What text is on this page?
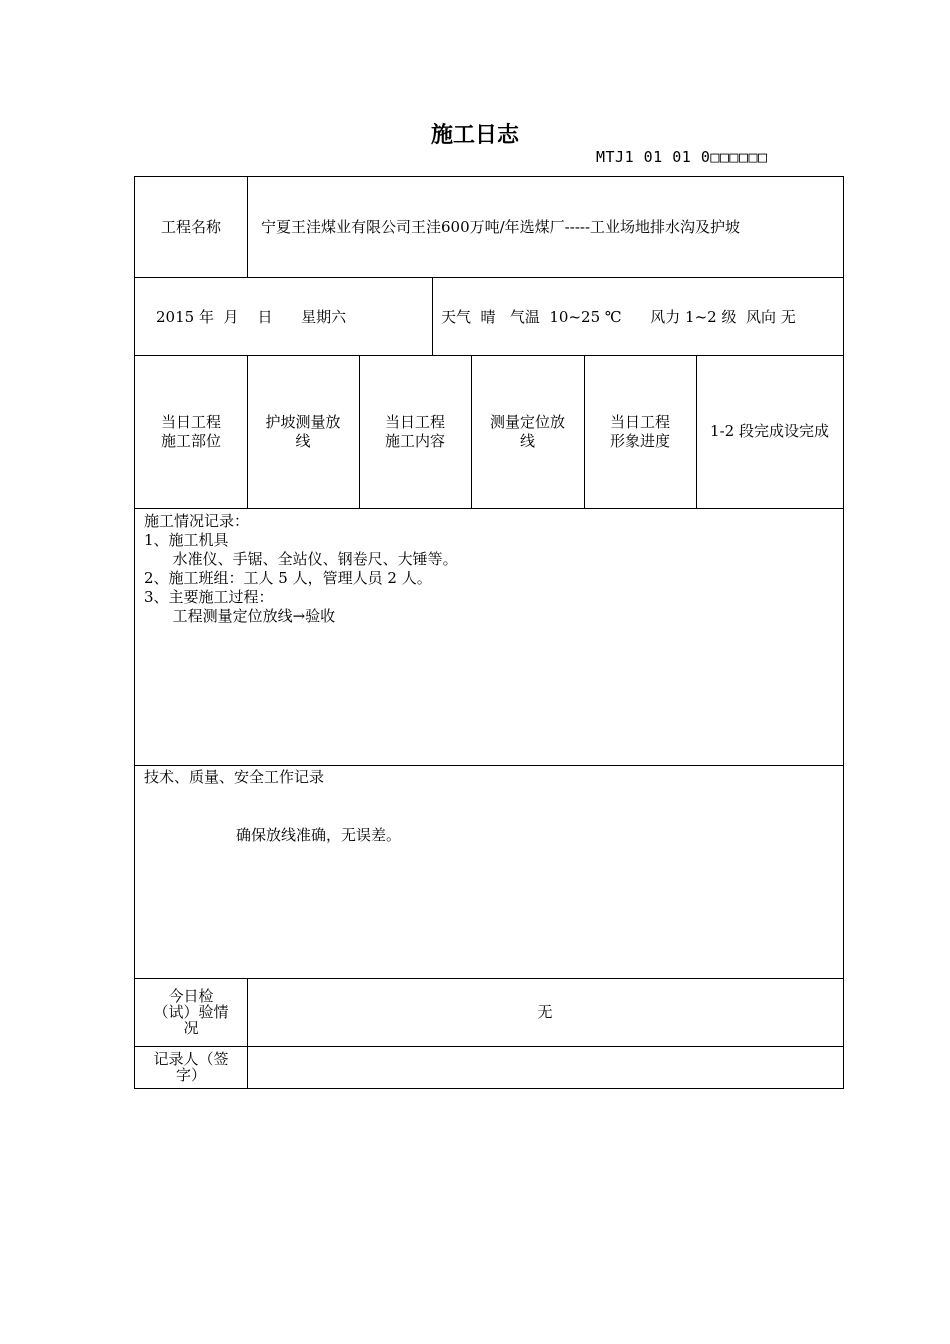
施工日志
MTJ1 01 01 0□□□□□□
工程名称	宁夏王洼煤业有限公司王洼600万吨/年选煤厂-----工业场地排水沟及护坡
2015 年  月    日      星期六	天气  晴   气温  10~25 ℃      风力 1~2 级  风向 无
当日工程
施工部位
护坡测量放
线
当日工程
施工内容
测量定位放
线
当日工程
形象进度
1-2 段完成设完成
施工情况记录：
1、施工机具
水准仪、手锯、全站仪、钢卷尺、大锤等。
2、施工班组：工人 5 人，管理人员 2 人。
3、主要施工过程：
工程测量定位放线→验收
技术、质量、安全工作记录
确保放线准确，无误差。
今日检
（试）验情
况
无
记录人（签
字）
